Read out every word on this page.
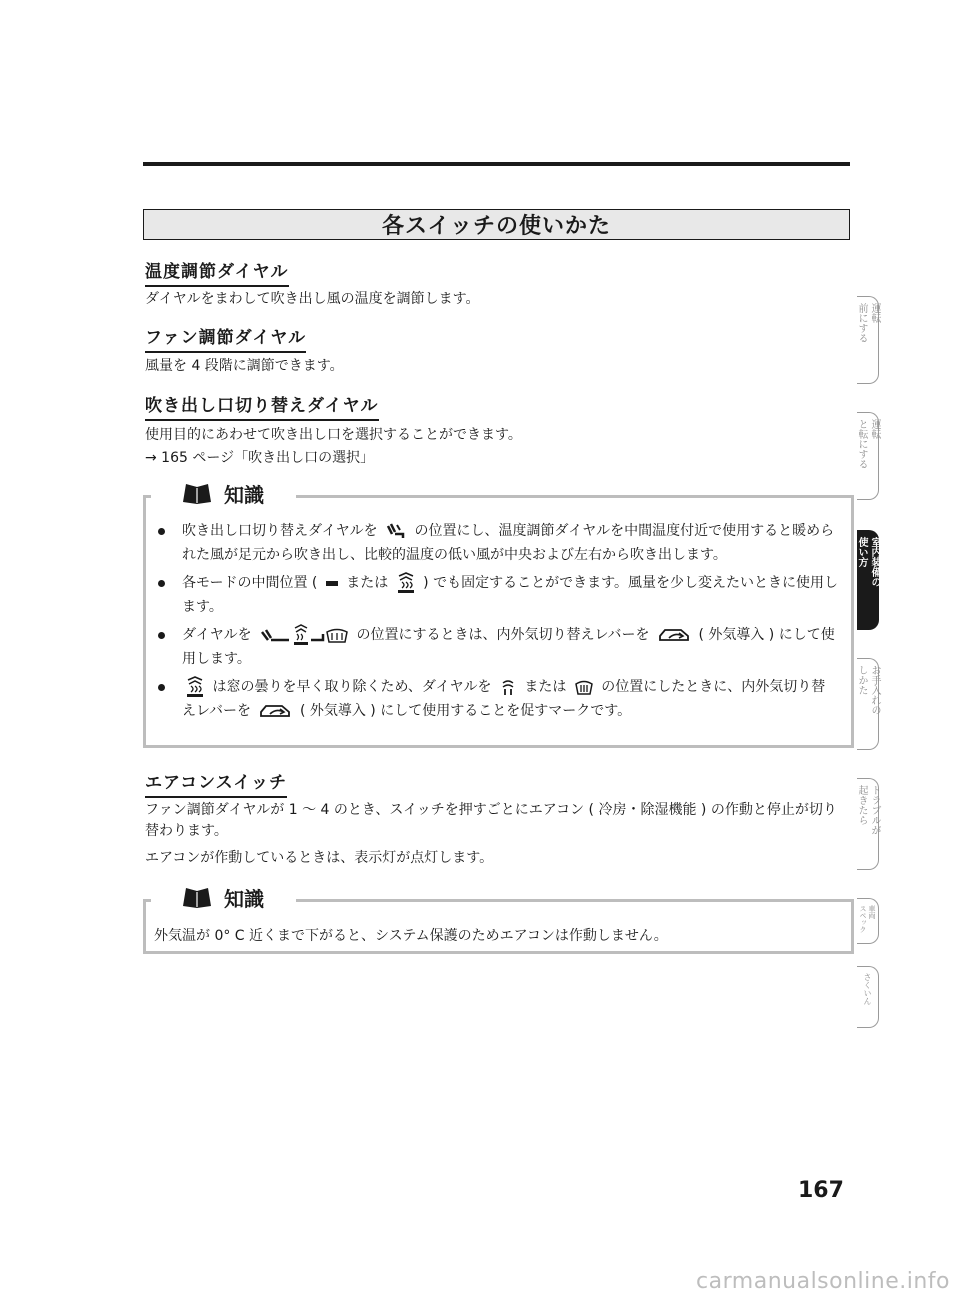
各スイッチの使いかた
温度調節ダイヤル
ダイヤルをまわして吹き出し風の温度を調節します。
ファン調節ダイヤル
風量を 4 段階に調節できます。
吹き出し口切り替えダイヤル
使用目的にあわせて吹き出し口を選択することができます。
→ 165 ページ「吹き出し口の選択」
知識
吹き出し口切り替えダイヤルを	の位置にし、温度調節ダイヤルを中間温度付近で使用すると暖められた風が足元から吹き出し、比較的温度の低い風が中央および左右から吹き出します。
各モードの中間位置 ( または ) でも固定することができます。風量を少し変えたいときに使用します。
ダイヤルを	の位置にするときは、内外気切り替えレバーを	( 外気導入 ) にして使用します。
は窓の曇りを早く取り除くため、ダイヤルを または の位置にしたときに、内外気切り替えレバーを	( 外気導入 ) にして使用することを促すマークです。
エアコンスイッチ
ファン調節ダイヤルが 1 ～ 4 のとき、スイッチを押すごとにエアコン ( 冷房・除湿機能 ) の作動と停止が切り替わります。
エアコンが作動しているときは、表示灯が点灯します。
知識
外気温が 0° C 近くまで下がると、システム保護のためエアコンは作動しません。
運転
前にする
運転
と転にする
室内装備の
使い方
お手入れの
しかた
トラブルが
起きたら
車両
スペック
さくいん
167
carmanualsonline.info
